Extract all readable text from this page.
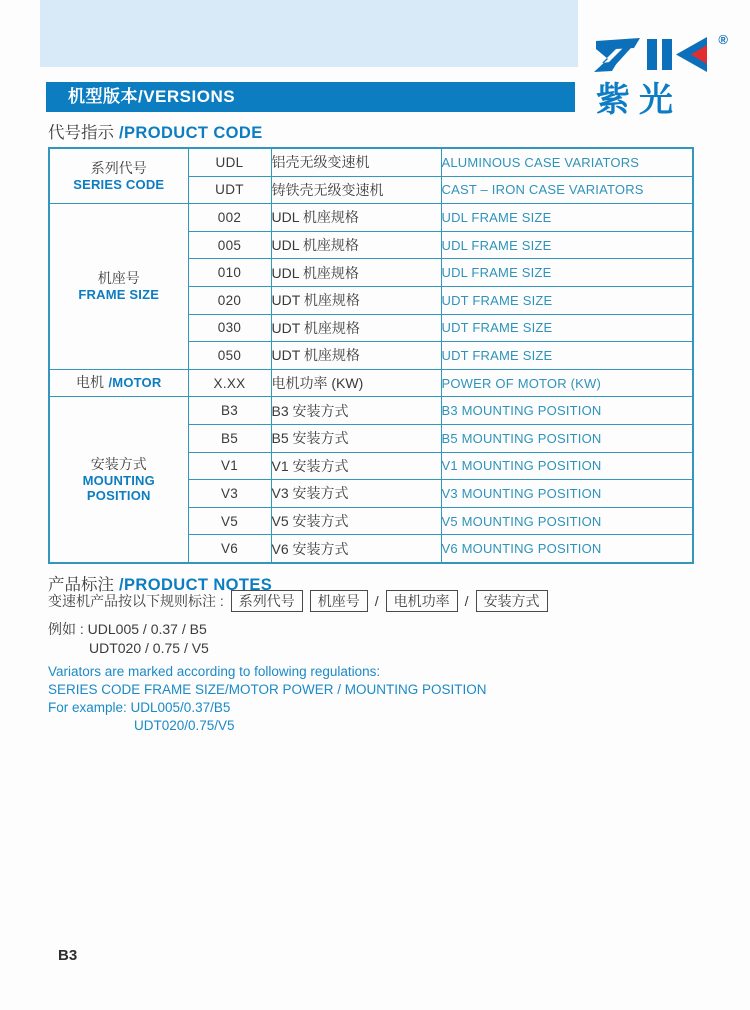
®
紫光
机型版本/VERSIONS
代号指示 /PRODUCT CODE
系列代号
SERIES CODE	UDL	铝壳无级变速机	ALUMINOUS CASE VARIATORS
	UDT	铸铁壳无级变速机	CAST – IRON CASE VARIATORS

机座号
FRAME SIZE	002	UDL 机座规格	UDL FRAME SIZE
	005	UDL 机座规格	UDL FRAME SIZE
	010	UDL 机座规格	UDL FRAME SIZE
	020	UDT 机座规格	UDT FRAME SIZE
	030	UDT 机座规格	UDT FRAME SIZE
	050	UDT 机座规格	UDT FRAME SIZE
电机 /MOTOR	X.XX	电机功率 (KW)	POWER OF MOTOR (KW)

安装方式
MOUNTING POSITION	B3	B3 安装方式	B3 MOUNTING POSITION
	B5	B5 安装方式	B5 MOUNTING POSITION
	V1	V1 安装方式	V1 MOUNTING POSITION
	V3	V3 安装方式	V3 MOUNTING POSITION
	V5	V5 安装方式	V5 MOUNTING POSITION
	V6	V6 安装方式	V6 MOUNTING POSITION
产品标注 /PRODUCT NOTES
变速机产品按以下规则标注 :	系列代号	机座号	/	电机功率	/	安装方式
例如 : UDL005 / 0.37 / B5
UDT020 / 0.75 / V5
Variators are marked according to following regulations:
SERIES CODE FRAME SIZE/MOTOR POWER / MOUNTING POSITION
For example: UDL005/0.37/B5
UDT020/0.75/V5
B3
